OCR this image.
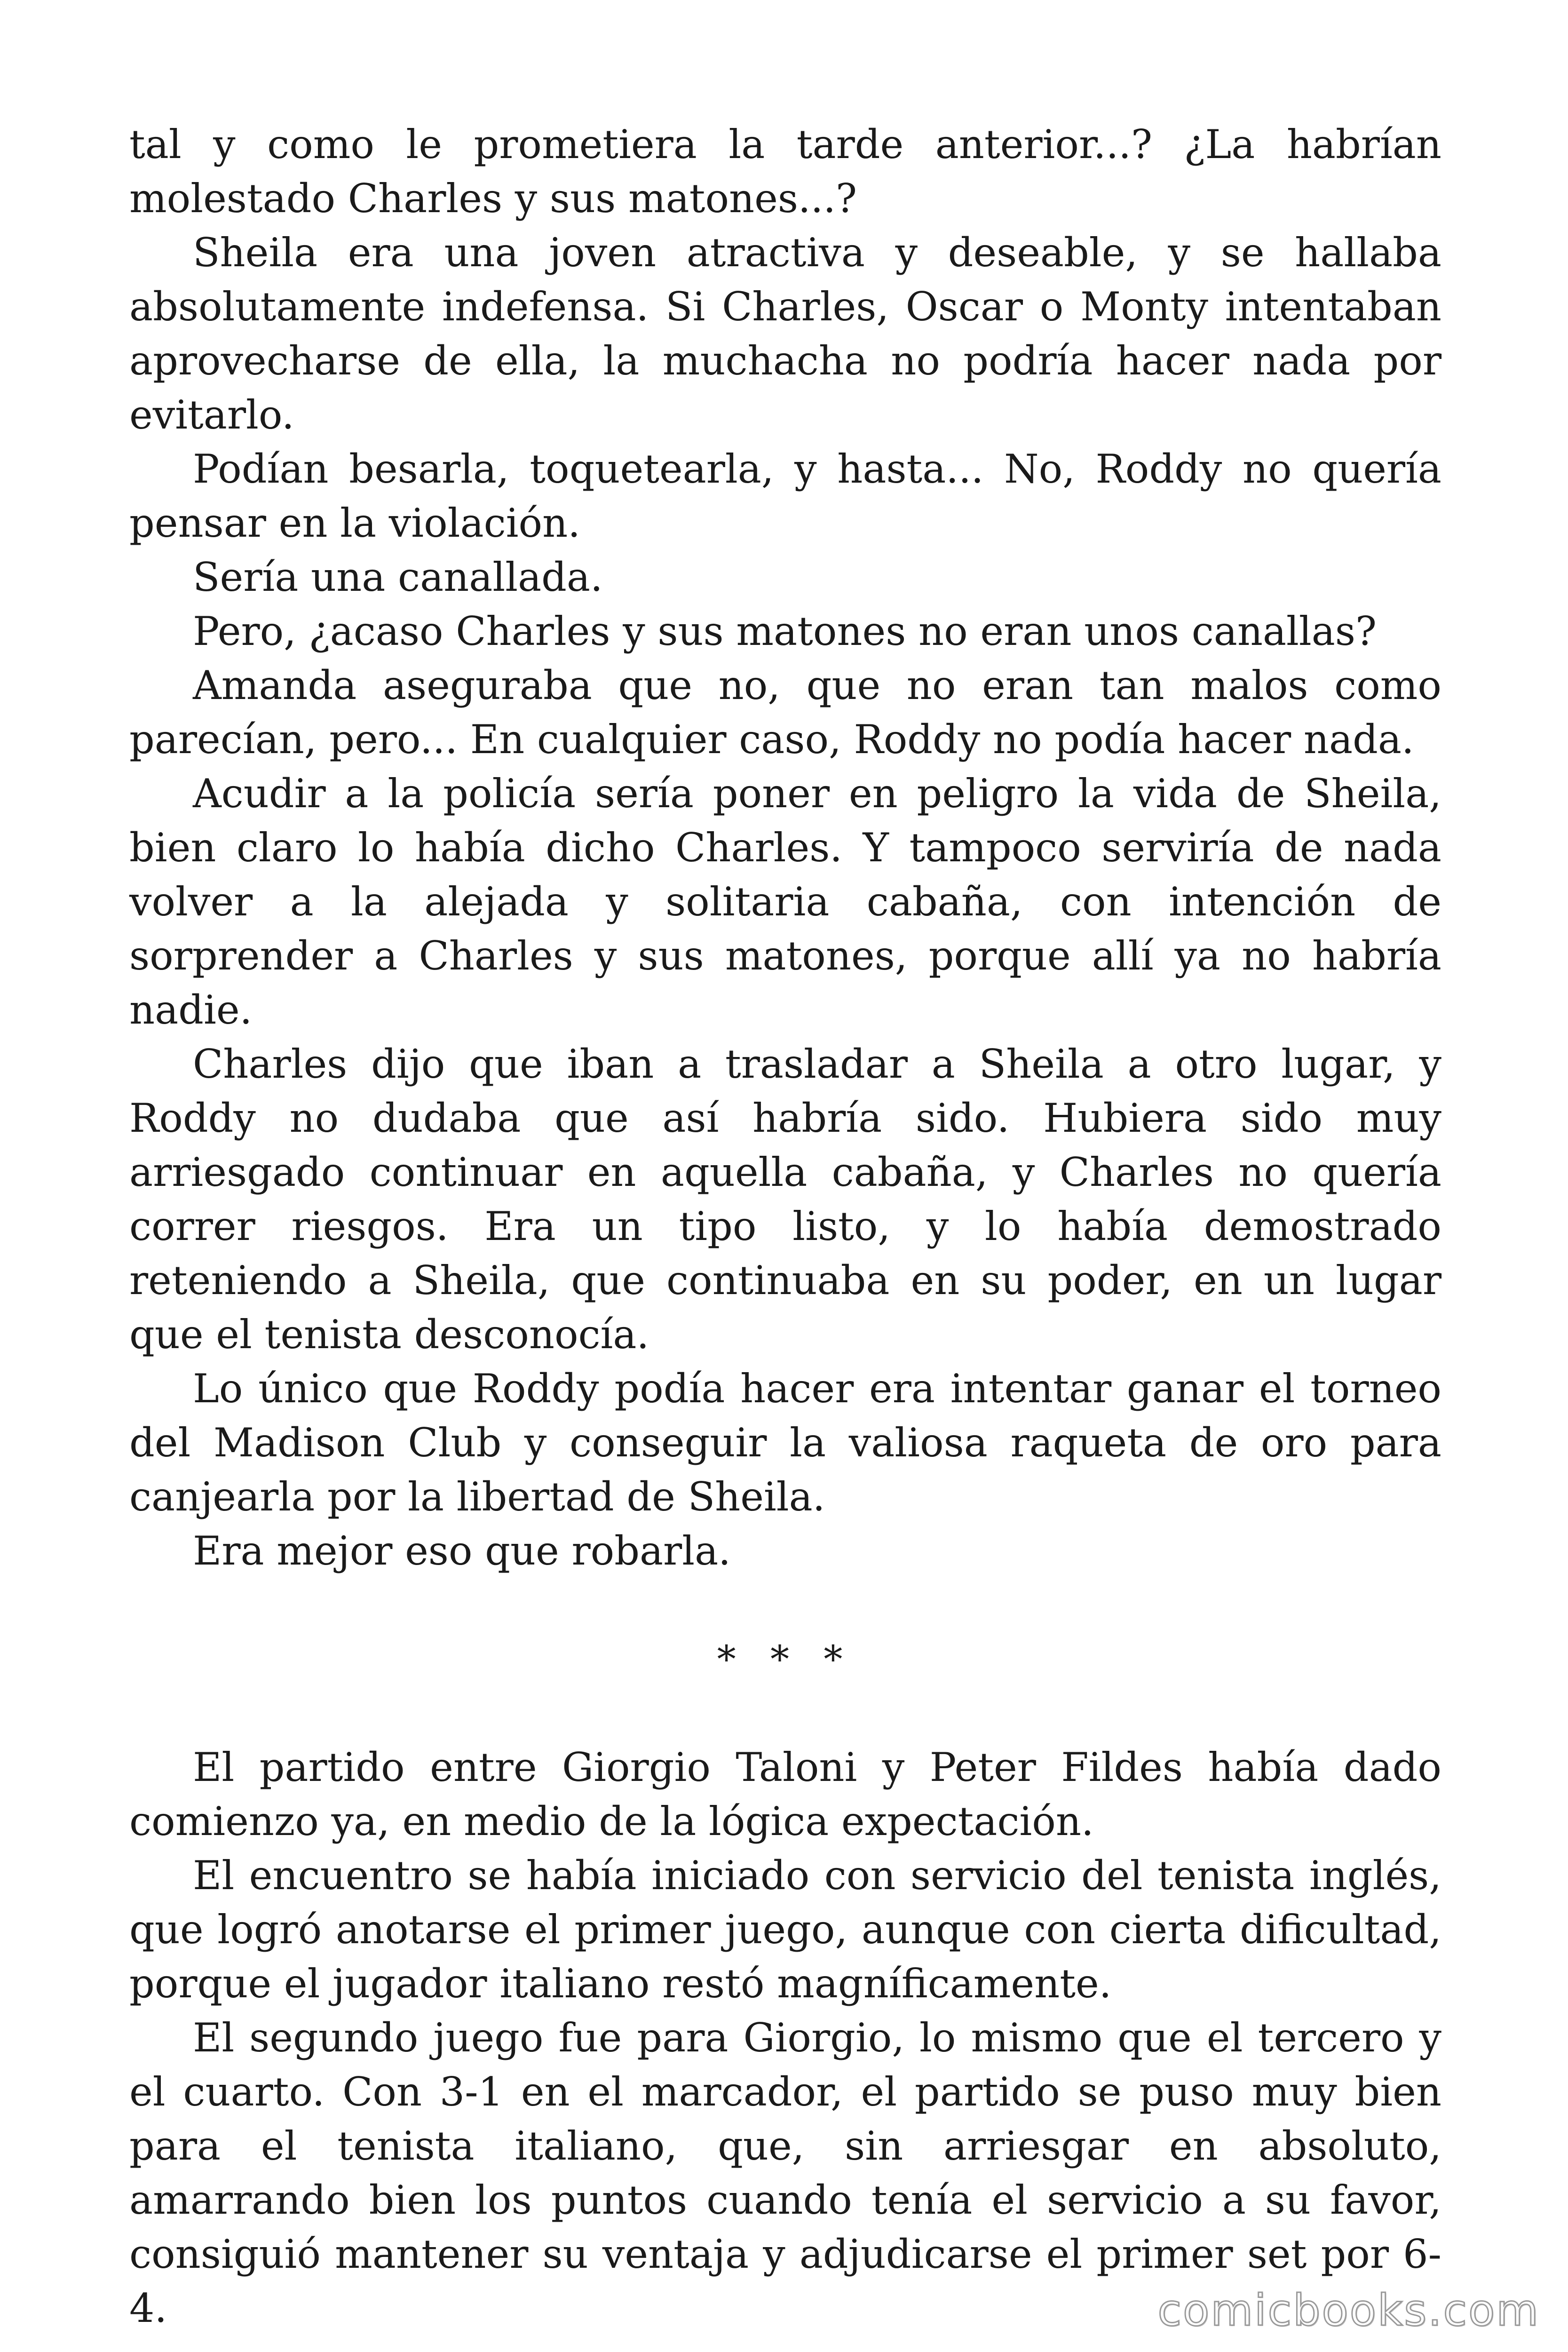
tal y como le prometiera la tarde anterior...? ¿La habrían molestado Charles y sus matones...?

Sheila era una joven atractiva y deseable, y se hallaba absolutamente indefensa. Si Charles, Oscar o Monty intentaban aprovecharse de ella, la muchacha no podría hacer nada por evitarlo.

Podían besarla, toquetearla, y hasta... No, Roddy no quería pensar en la violación.

Sería una canallada.

Pero, ¿acaso Charles y sus matones no eran unos canallas?

Amanda aseguraba que no, que no eran tan malos como parecían, pero... En cualquier caso, Roddy no podía hacer nada.

Acudir a la policía sería poner en peligro la vida de Sheila, bien claro lo había dicho Charles. Y tampoco serviría de nada volver a la alejada y solitaria cabaña, con intención de sorprender a Charles y sus matones, porque allí ya no habría nadie.

Charles dijo que iban a trasladar a Sheila a otro lugar, y Roddy no dudaba que así habría sido. Hubiera sido muy arriesgado continuar en aquella cabaña, y Charles no quería correr riesgos. Era un tipo listo, y lo había demostrado reteniendo a Sheila, que continuaba en su poder, en un lugar que el tenista desconocía.

Lo único que Roddy podía hacer era intentar ganar el torneo del Madison Club y conseguir la valiosa raqueta de oro para canjearla por la libertad de Sheila.

Era mejor eso que robarla.

* * *

El partido entre Giorgio Taloni y Peter Fildes había dado comienzo ya, en medio de la lógica expectación.

El encuentro se había iniciado con servicio del tenista inglés, que logró anotarse el primer juego, aunque con cierta dificultad, porque el jugador italiano restó magníficamente.

El segundo juego fue para Giorgio, lo mismo que el tercero y el cuarto. Con 3-1 en el marcador, el partido se puso muy bien para el tenista italiano, que, sin arriesgar en absoluto, amarrando bien los puntos cuando tenía el servicio a su favor, consiguió mantener su ventaja y adjudicarse el primer set por 6-4.	comicbooks.com
